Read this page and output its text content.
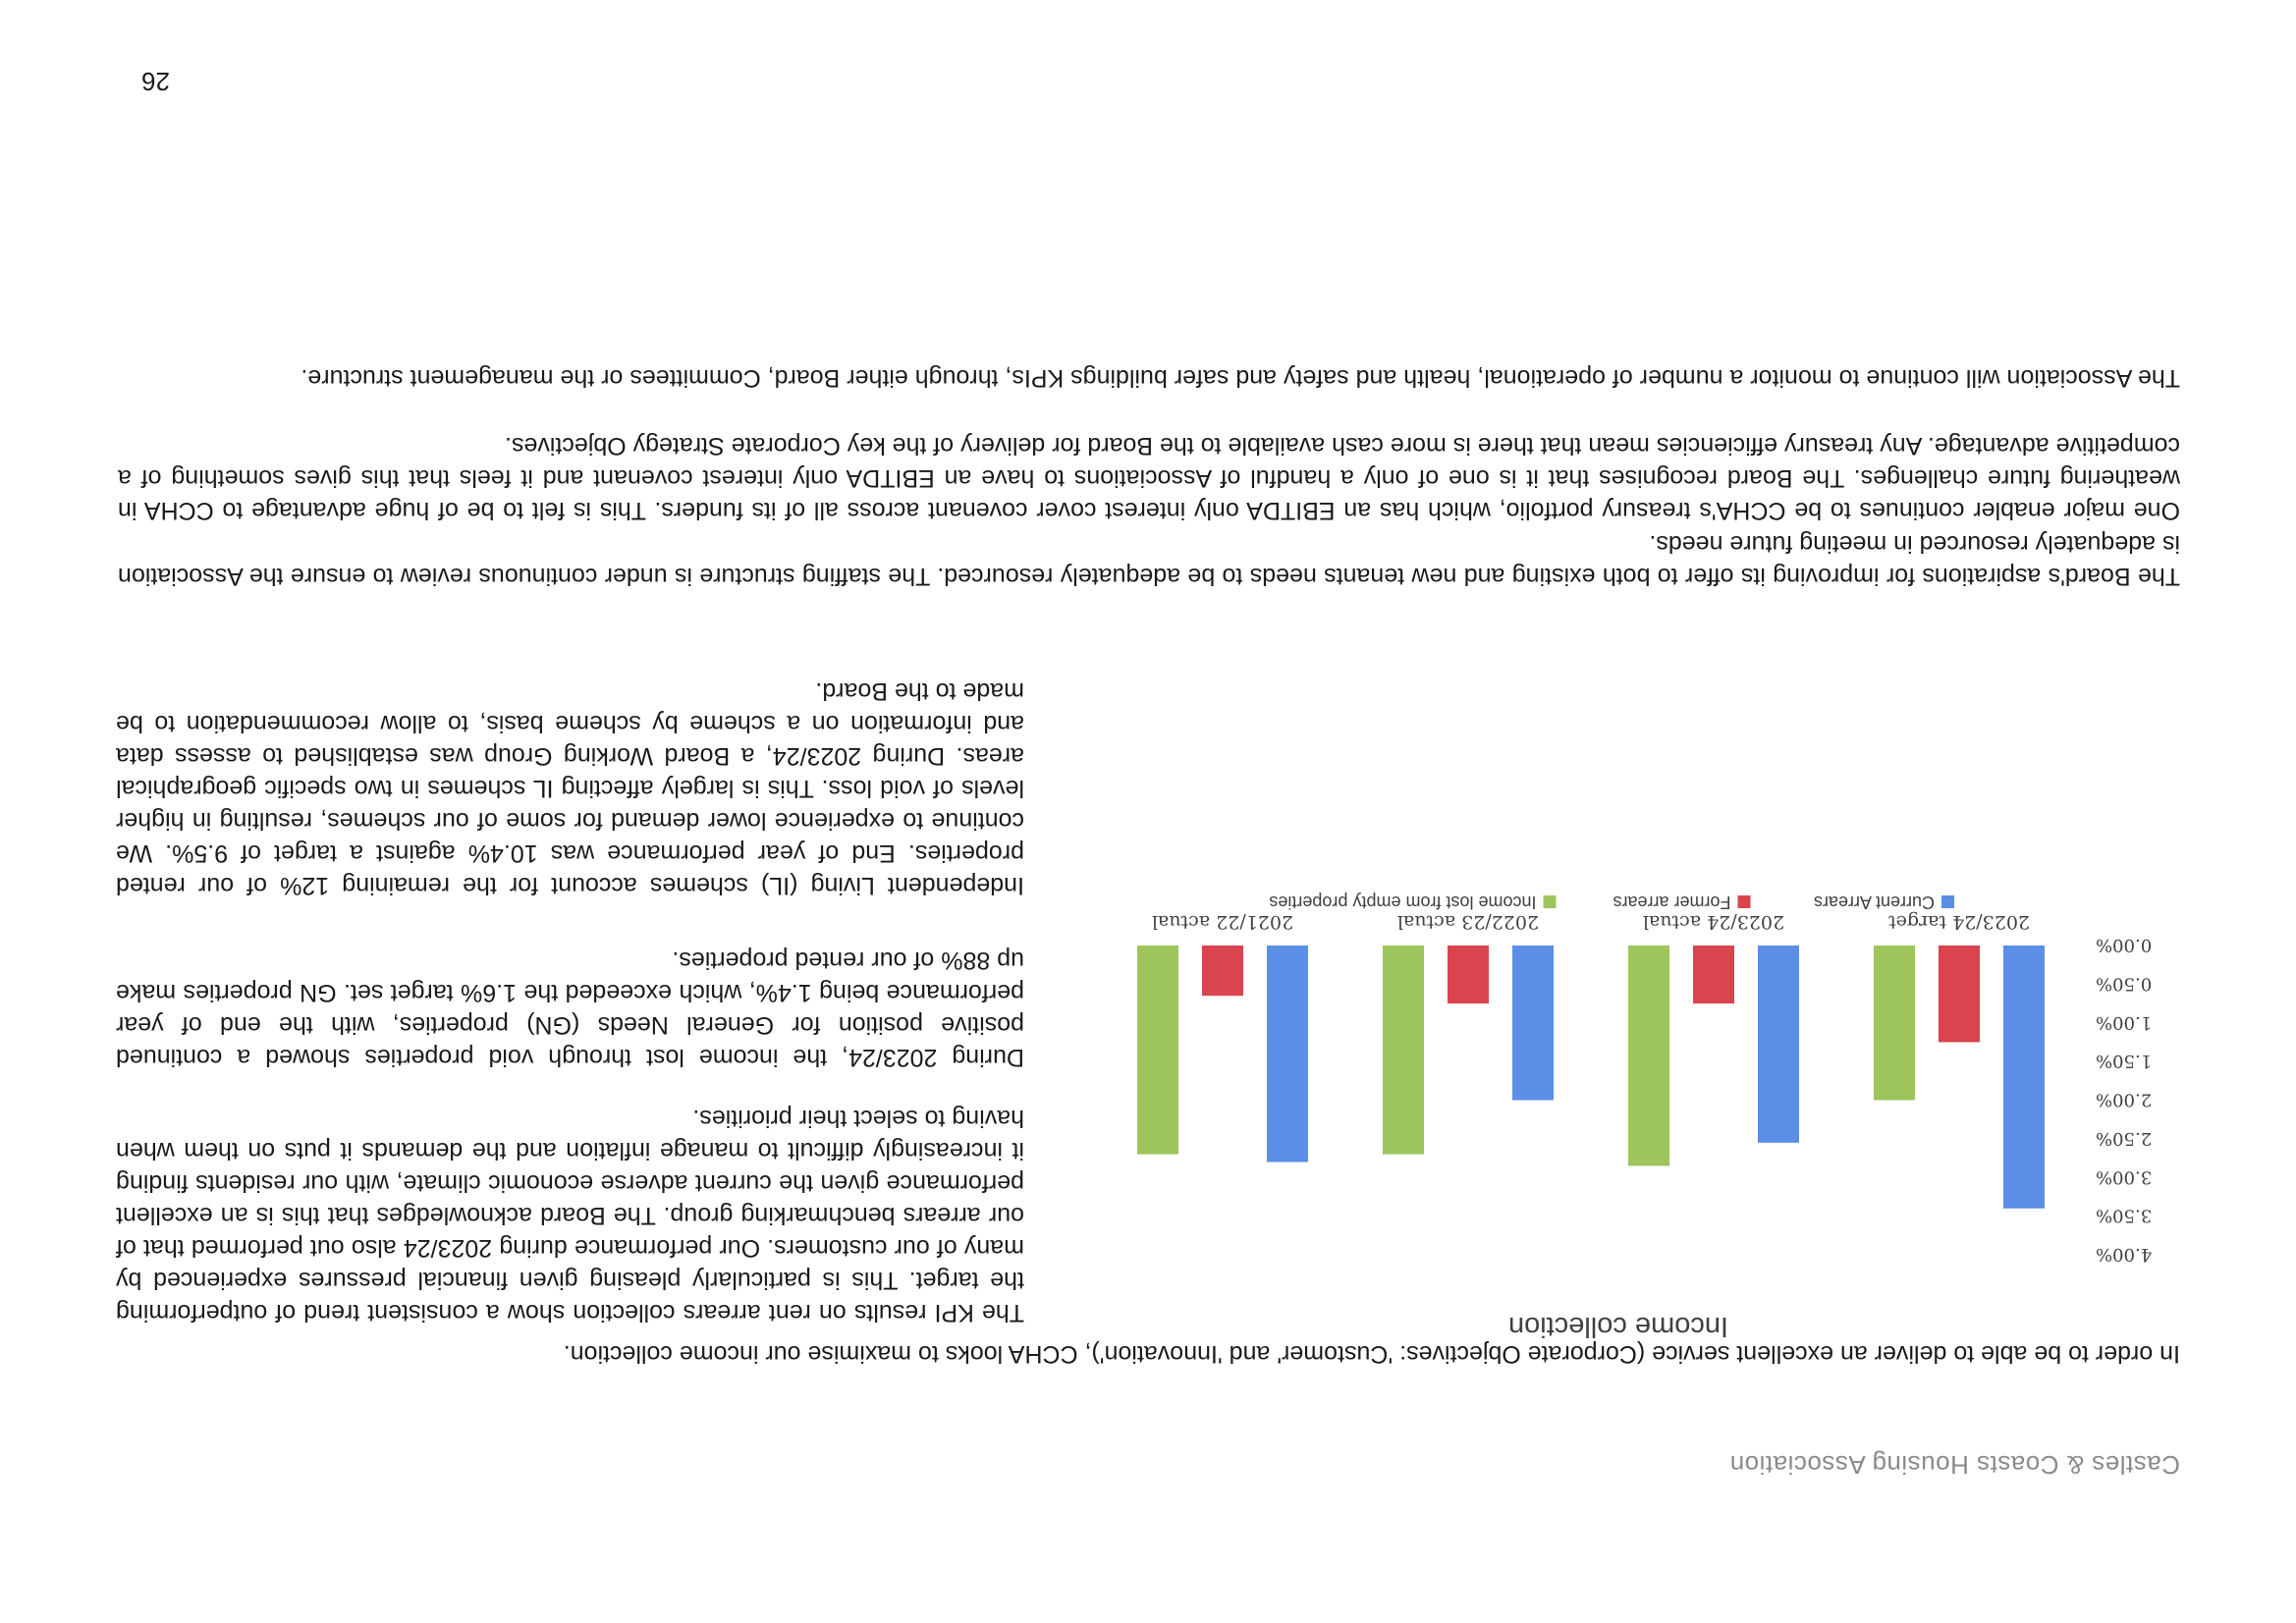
Castles & Coasts Housing Association

In order to be able to deliver an excellent service (Corporate Objectives: 'Customer' and 'Innovation'), CCHA looks to maximise our income collection.

The KPI results on rent arrears collection show a consistent trend of outperforming the target. This is particularly pleasing given financial pressures experienced by many of our customers. Our performance during 2023/24 also out performed that of our arrears benchmarking group. The Board acknowledges that this is an excellent performance given the current adverse economic climate, with our residents finding it increasingly difficult to manage inflation and the demands it puts on them when having to select their priorities.

During 2023/24, the income lost through void properties showed a continued positive position for General Needs (GN) properties, with the end of year performance being 1.4%, which exceeded the 1.6% target set. GN properties make up 88% of our rented properties.

Independent Living (IL) schemes account for the remaining 12% of our rented properties. End of year performance was 10.4% against a target of 9.5%. We continue to experience lower demand for some of our schemes, resulting in higher levels of void loss. This is largely affecting IL schemes in two specific geographical areas. During 2023/24, a Board Working Group was established to assess data and information on a scheme by scheme basis, to allow recommendation to be made to the Board.

The Board's aspirations for improving its offer to both existing and new tenants needs to be adequately resourced. The staffing structure is under continuous review to ensure the Association is adequately resourced in meeting future needs.

One major enabler continues to be CCHA's treasury portfolio, which has an EBITDA only interest cover covenant across all of its funders. This is felt to be of huge advantage to CCHA in weathering future challenges. The Board recognises that it is one of only a handful of Associations to have an EBITDA only interest covenant and it feels that this gives something of a competitive advantage. Any treasury efficiencies mean that there is more cash available to the Board for delivery of the key Corporate Strategy Objectives.

The Association will continue to monitor a number of operational, health and safety and safer buildings KPIs, through either Board, Committees or the management structure.

Income collection
0.00%
0.50%
1.00%
1.50%
2.00%
2.50%
3.00%
3.50%
4.00%
2023/24 target
2023/24 actual
2022/23 actual
2021/22 actual
Current Arrears
Former arrears
Income lost from empty properties
26
